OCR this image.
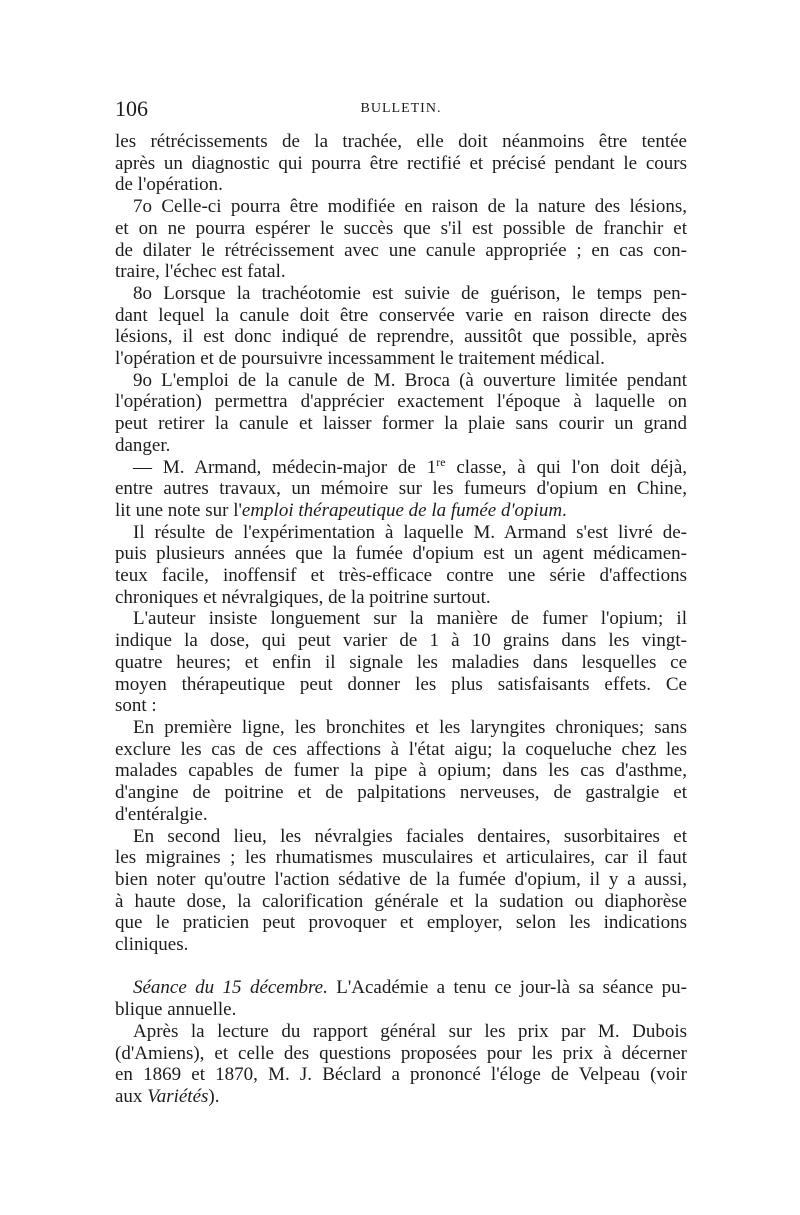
106	BULLETIN.

les rétrécissements de la trachée, elle doit néanmoins être tentée

après un diagnostic qui pourra être rectifié et précisé pendant le cours

de l'opération.

7o Celle-ci pourra être modifiée en raison de la nature des lésions,

et on ne pourra espérer le succès que s'il est possible de franchir et

de dilater le rétrécissement avec une canule appropriée ; en cas con-

traire, l'échec est fatal.

8o Lorsque la trachéotomie est suivie de guérison, le temps pen-

dant lequel la canule doit être conservée varie en raison directe des

lésions, il est donc indiqué de reprendre, aussitôt que possible, après

l'opération et de poursuivre incessamment le traitement médical.

9o L'emploi de la canule de M. Broca (à ouverture limitée pendant

l'opération) permettra d'apprécier exactement l'époque à laquelle on

peut retirer la canule et laisser former la plaie sans courir un grand

danger.

— M. Armand, médecin-major de 1re classe, à qui l'on doit déjà,

entre autres travaux, un mémoire sur les fumeurs d'opium en Chine,

lit une note sur l'emploi thérapeutique de la fumée d'opium.

Il résulte de l'expérimentation à laquelle M. Armand s'est livré de-

puis plusieurs années que la fumée d'opium est un agent médicamen-

teux facile, inoffensif et très-efficace contre une série d'affections

chroniques et névralgiques, de la poitrine surtout.

L'auteur insiste longuement sur la manière de fumer l'opium; il

indique la dose, qui peut varier de 1 à 10 grains dans les vingt-

quatre heures; et enfin il signale les maladies dans lesquelles ce

moyen thérapeutique peut donner les plus satisfaisants effets. Ce

sont :

En première ligne, les bronchites et les laryngites chroniques; sans

exclure les cas de ces affections à l'état aigu; la coqueluche chez les

malades capables de fumer la pipe à opium; dans les cas d'asthme,

d'angine de poitrine et de palpitations nerveuses, de gastralgie et

d'entéralgie.

En second lieu, les névralgies faciales dentaires, susorbitaires et

les migraines ; les rhumatismes musculaires et articulaires, car il faut

bien noter qu'outre l'action sédative de la fumée d'opium, il y a aussi,

à haute dose, la calorification générale et la sudation ou diaphorèse

que le praticien peut provoquer et employer, selon les indications

cliniques.

Séance du 15 décembre. L'Académie a tenu ce jour-là sa séance pu-

blique annuelle.

Après la lecture du rapport général sur les prix par M. Dubois

(d'Amiens), et celle des questions proposées pour les prix à décerner

en 1869 et 1870, M. J. Béclard a prononcé l'éloge de Velpeau (voir

aux Variétés).
